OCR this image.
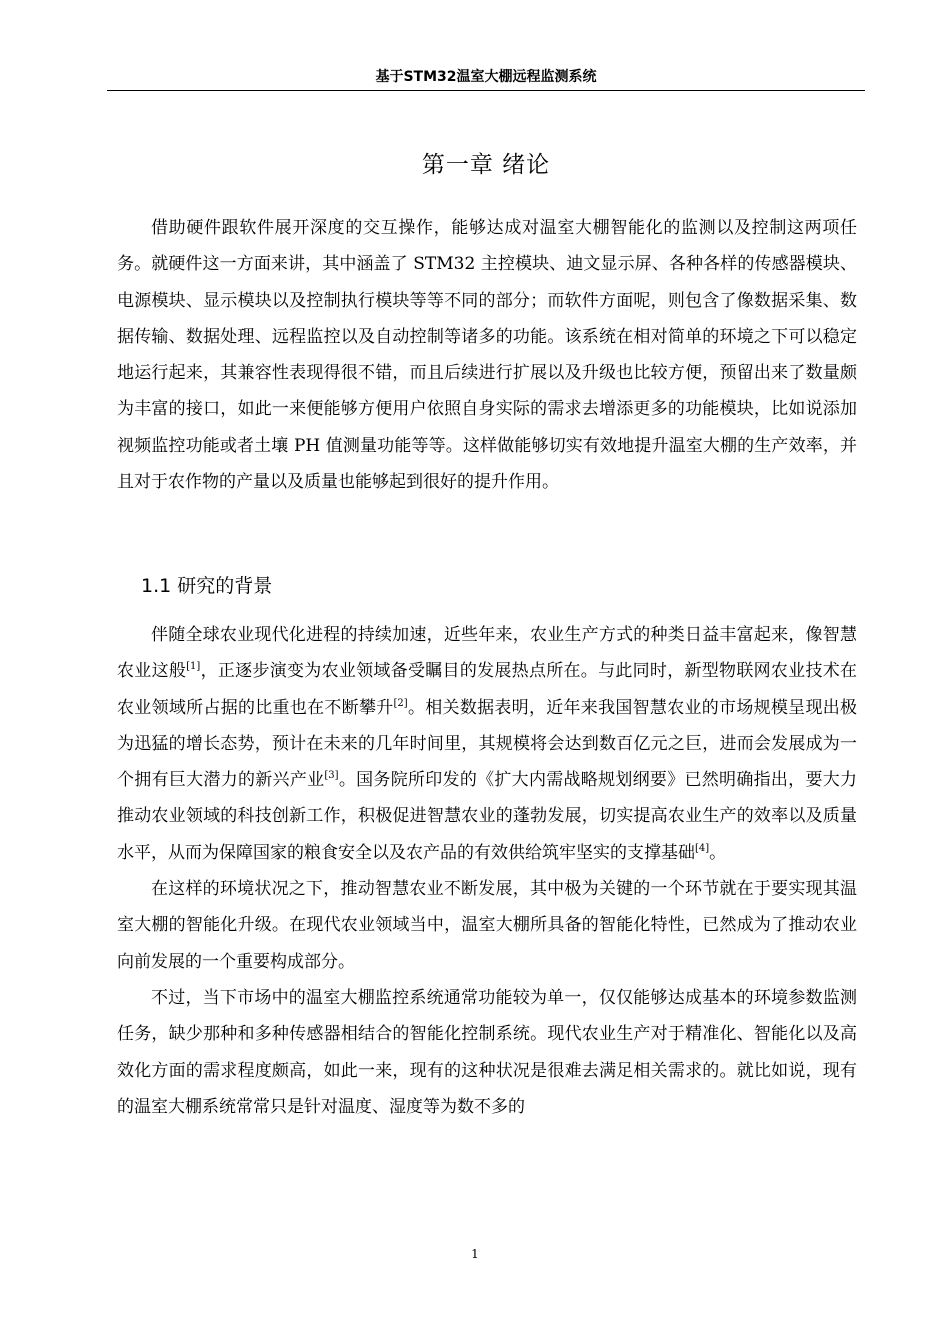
基于STM32温室大棚远程监测系统
第一章 绪论

借助硬件跟软件展开深度的交互操作，能够达成对温室大棚智能化的监测以及控制这两项任务。就硬件这一方面来讲，其中涵盖了 STM32 主控模块、迪文显示屏、各种各样的传感器模块、电源模块、显示模块以及控制执行模块等等不同的部分；而软件方面呢，则包含了像数据采集、数据传输、数据处理、远程监控以及自动控制等诸多的功能。该系统在相对简单的环境之下可以稳定地运行起来，其兼容性表现得很不错，而且后续进行扩展以及升级也比较方便，预留出来了数量颇为丰富的接口，如此一来便能够方便用户依照自身实际的需求去增添更多的功能模块，比如说添加视频监控功能或者土壤 PH 值测量功能等等。这样做能够切实有效地提升温室大棚的生产效率，并且对于农作物的产量以及质量也能够起到很好的提升作用。

1.1 研究的背景

伴随全球农业现代化进程的持续加速，近些年来，农业生产方式的种类日益丰富起来，像智慧农业这般[1]，正逐步演变为农业领域备受瞩目的发展热点所在。与此同时，新型物联网农业技术在农业领域所占据的比重也在不断攀升[2]。相关数据表明，近年来我国智慧农业的市场规模呈现出极为迅猛的增长态势，预计在未来的几年时间里，其规模将会达到数百亿元之巨，进而会发展成为一个拥有巨大潜力的新兴产业[3]。国务院所印发的《扩大内需战略规划纲要》已然明确指出，要大力推动农业领域的科技创新工作，积极促进智慧农业的蓬勃发展，切实提高农业生产的效率以及质量水平，从而为保障国家的粮食安全以及农产品的有效供给筑牢坚实的支撑基础[4]。

在这样的环境状况之下，推动智慧农业不断发展，其中极为关键的一个环节就在于要实现其温室大棚的智能化升级。在现代农业领域当中，温室大棚所具备的智能化特性，已然成为了推动农业向前发展的一个重要构成部分。

不过，当下市场中的温室大棚监控系统通常功能较为单一，仅仅能够达成基本的环境参数监测任务，缺少那种和多种传感器相结合的智能化控制系统。现代农业生产对于精准化、智能化以及高效化方面的需求程度颇高，如此一来，现有的这种状况是很难去满足相关需求的。就比如说，现有的温室大棚系统常常只是针对温度、湿度等为数不多的

1
